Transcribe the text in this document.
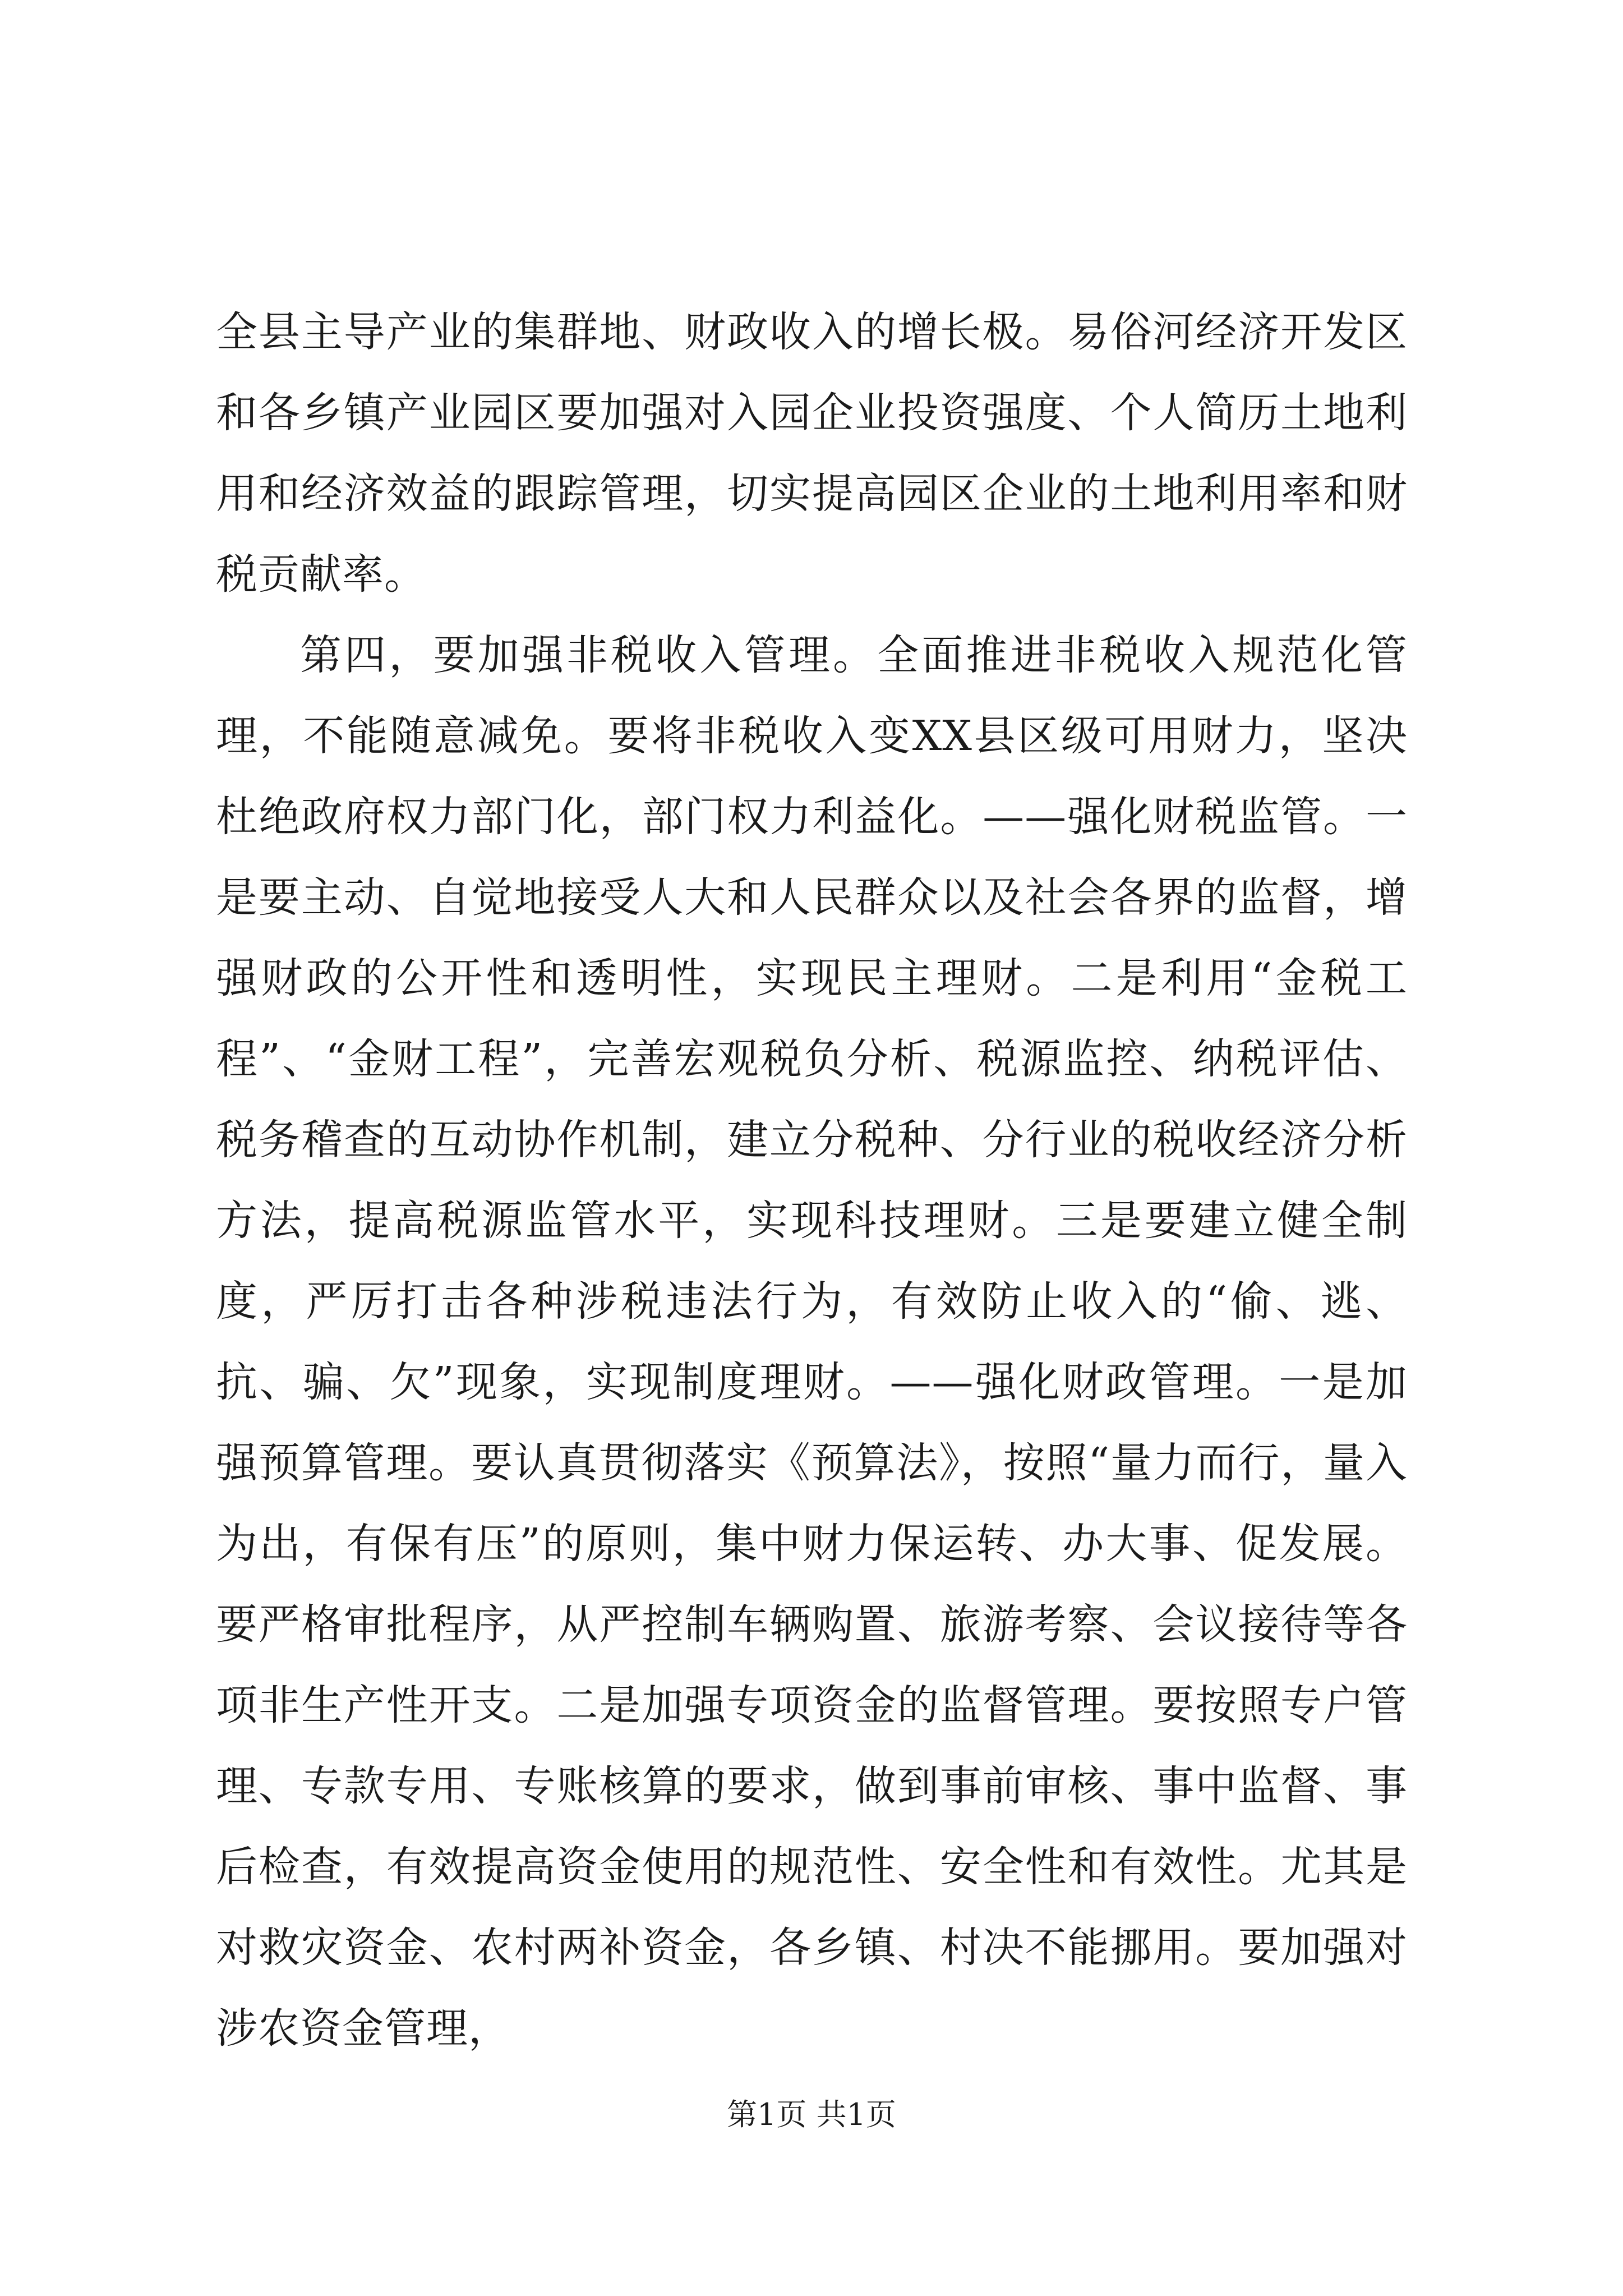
全县主导产业的集群地、财政收入的增长极。易俗河经济开发区和各乡镇产业园区要加强对入园企业投资强度、个人简历土地利用和经济效益的跟踪管理，切实提高园区企业的土地利用率和财税贡献率。

第四，要加强非税收入管理。全面推进非税收入规范化管理，不能随意减免。要将非税收入变XX县区级可用财力，坚决杜绝政府权力部门化，部门权力利益化。——强化财税监管。一是要主动、自觉地接受人大和人民群众以及社会各界的监督，增强财政的公开性和透明性，实现民主理财。二是利用“金税工程”、“金财工程”，完善宏观税负分析、税源监控、纳税评估、税务稽查的互动协作机制，建立分税种、分行业的税收经济分析方法，提高税源监管水平，实现科技理财。三是要建立健全制度，严厉打击各种涉税违法行为，有效防止收入的“偷、逃、抗、骗、欠”现象，实现制度理财。——强化财政管理。一是加强预算管理。要认真贯彻落实《预算法》，按照“量力而行，量入为出，有保有压”的原则，集中财力保运转、办大事、促发展。要严格审批程序，从严控制车辆购置、旅游考察、会议接待等各项非生产性开支。二是加强专项资金的监督管理。要按照专户管理、专款专用、专账核算的要求，做到事前审核、事中监督、事后检查，有效提高资金使用的规范性、安全性和有效性。尤其是对救灾资金、农村两补资金，各乡镇、村决不能挪用。要加强对涉农资金管理，

第1页 共1页
